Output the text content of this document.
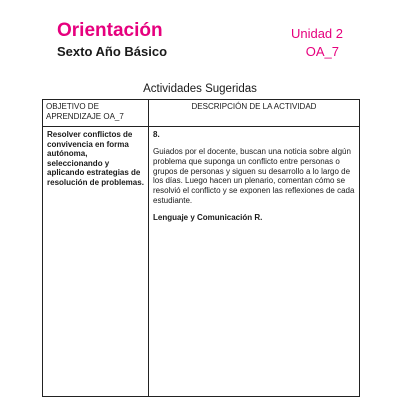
Orientación
Sexto Año Básico
Unidad 2
OA_7
Actividades Sugeridas
OBJETIVO DE APRENDIZAJE OA_7	DESCRIPCIÓN DE LA ACTIVIDAD

Resolver conflictos de convivencia en forma autónoma, seleccionando y aplicando estrategias de resolución de problemas.	8.
Guiados por el docente, buscan una noticia sobre algún problema que suponga un conflicto entre personas o grupos de personas y siguen su desarrollo a lo largo de los días. Luego hacen un plenario, comentan cómo se resolvió el conflicto y se exponen las reflexiones de cada estudiante.
Lenguaje y Comunicación R.
